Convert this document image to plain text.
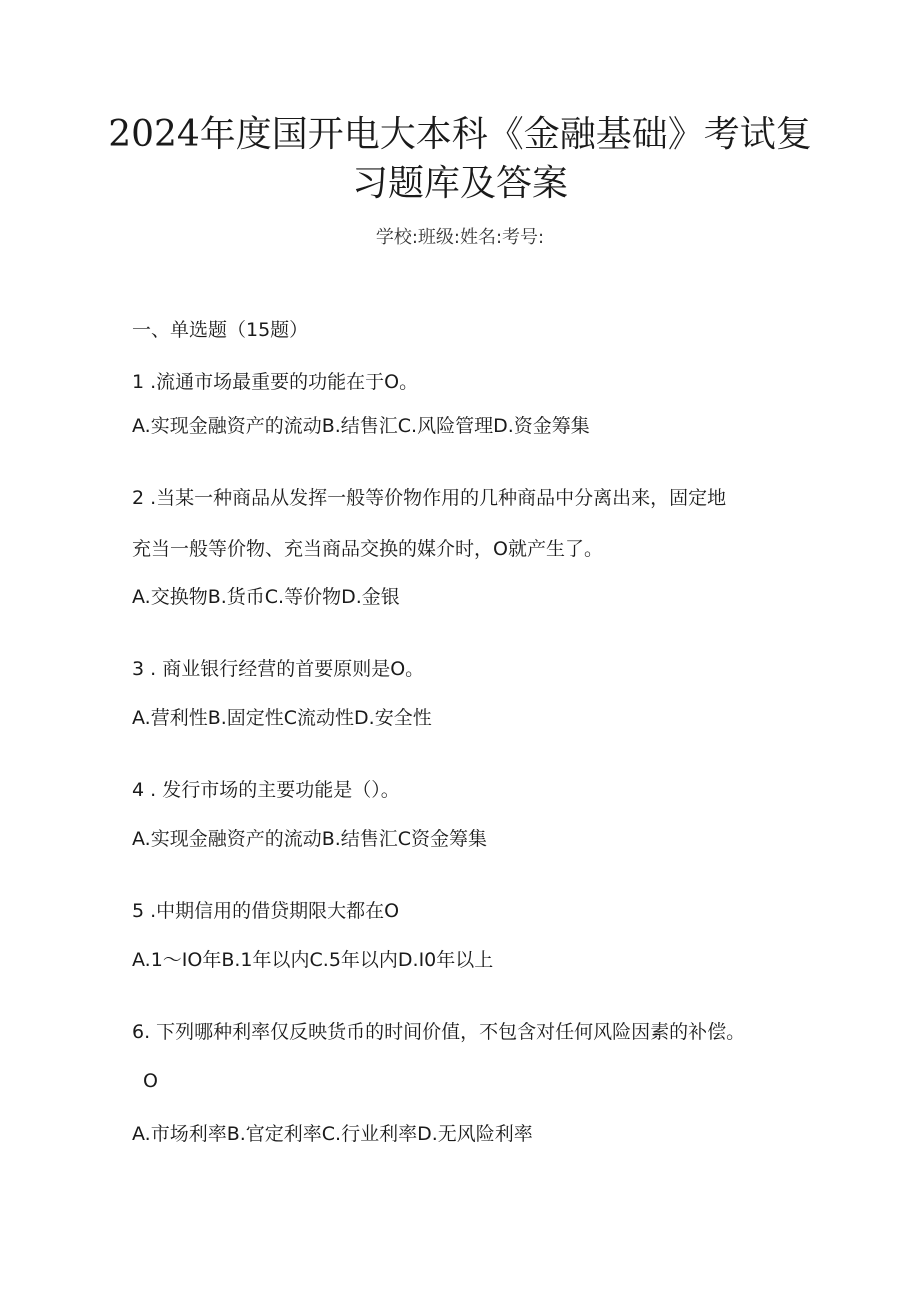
2024年度国开电大本科《金融基础》考试复
习题库及答案
学校:班级:姓名:考号:
一、单选题（15题）
1 .流通市场最重要的功能在于O。
A.实现金融资产的流动B.结售汇C.风险管理D.资金筹集
2 .当某一种商品从发挥一般等价物作用的几种商品中分离出来，固定地
充当一般等价物、充当商品交换的媒介时，O就产生了。
A.交换物B.货币C.等价物D.金银
3 . 商业银行经营的首要原则是O。
A.营利性B.固定性C流动性D.安全性
4 . 发行市场的主要功能是（）。
A.实现金融资产的流动B.结售汇C资金筹集
5 .中期信用的借贷期限大都在O
A.1～IO年B.1年以内C.5年以内D.I0年以上
6. 下列哪种利率仅反映货币的时间价值，不包含对任何风险因素的补偿。
O
A.市场利率B.官定利率C.行业利率D.无风险利率
